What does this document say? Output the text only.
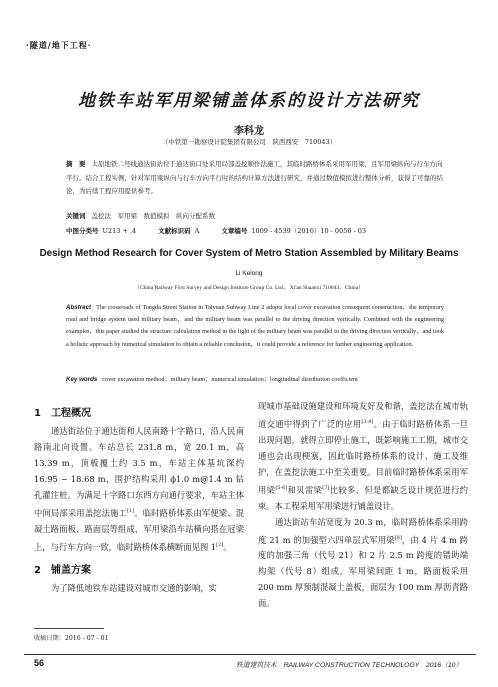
·隧道/地下工程·
地铁车站军用梁铺盖体系的设计方法研究
李科龙
（中铁第一勘察设计院集团有限公司　陕西西安　710043）
摘　要 太原地铁二号线通达街站位于通达街口处采用局部盖挖顺作法施工，其临时路桥体系采用军用梁，且军用梁纵向与行车方向平行。结合工程实例，针对军用梁纵向与行车方向平行时的结构计算方法进行研究，并通过数值模拟进行整体分析，获得了可靠的结论，为后续工程应用提供参考。
关键词 盖挖法　军用梁　数值模拟　纵向分配系数
中图分类号 U213 + .4	文献标识码 A	文章编号 1009 - 4539（2016）10 - 0056 - 03
Design Method Research for Cover System of Metro Station Assembled by Military Beams
Li Kelong
（China Railway First Survey and Design Institute Group Co. Ltd.，Xi'an Shaanxi 710043，China）
Abstract The crossroads of Tongda Street Station in Taiyuan Subway Line 2 adopts local cover excavation consequent construction，the temporary road and bridge system used military beam，and the military beam was parallel to the driving direction vertically. Combined with the engineering examples，this paper studied the structure calculation method in the light of the military beam was parallel to the driving direction vertically，and took a holistic approach by numerical simulation to obtain a reliable conclusion，it could provide a reference for further engineering application.
Key words cover excavation method；military beam；numerical simulation；longitudinal distribution coefficient
1 工程概况

通达街站位于通达街和人民南路十字路口，沿人民南路南北向设置。车站总长 231.8 m，宽 20.1 m，高 13.39 m，顶板覆土约 3.5 m，车站主体基坑深约 16.95 ~ 18.68 m，围护结构采用 ϕ1.0 m@1.4 m 钻孔灌注桩。为满足十字路口东西方向通行要求，车站主体中间局部采用盖挖法施工[1]。临时路桥体系由军便梁、混凝土路面板、路面层等组成，军用梁沿车站横向搭在冠梁上，与行车方向一致，临时路桥体系横断面见图 1[2]。

2 铺盖方案

为了降低地铁车站建设对城市交通的影响，实

现城市基础设施建设和环境友好及和谐，盖挖法在城市轨道交通中得到了广泛的应用[3-4]。由于临时路桥体系一旦出现问题，就得立即停止施工，既影响施工工期，城市交通也会出现梗塞，因此临时路桥体系的设计、施工及维护，在盖挖法施工中至关重要。目前临时路桥体系采用军用梁[5-6]和贝雷梁[7]比较多，但是都缺乏设计规范进行约束。本工程采用军用梁进行铺盖设计。

通达街站车站宽度为 20.3 m，临时路桥体系采用跨度 21 m 的加强型六四单层式军用梁[8]，由 4 片 4 m 跨度的加强三角（代号 21）和 2 片 2.5 m 跨度的错助端构架（代号 8）组成，军用梁间距 1 m，路面板采用 200 mm 厚预制混凝土盖板，面层为 100 mm 厚沥青路面。

收稿日期：2016 - 07 - 01
56	铁道建筑技术　RAILWAY CONSTRUCTION TECHNOLOGY　2016（10）
